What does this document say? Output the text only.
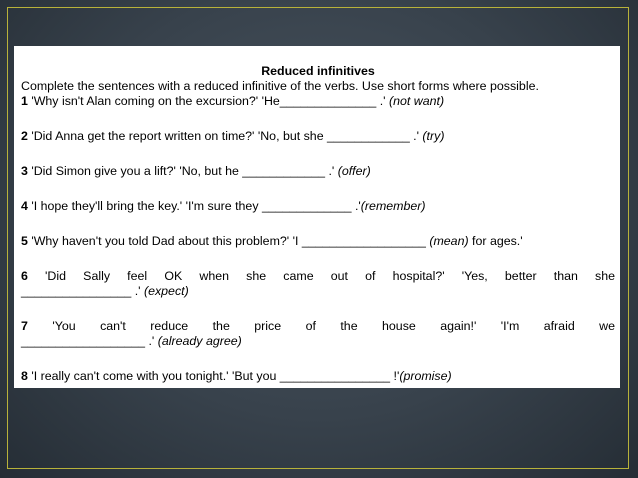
Reduced infinitives
Complete the sentences with a reduced infinitive of the verbs. Use short forms where possible.
1 'Why isn't Alan coming on the excursion?' 'He______________ .' (not want)
2 'Did Anna get the report written on time?' 'No, but she ____________ .' (try)
3 'Did Simon give you a lift?' 'No, but he ____________ .' (offer)
4 'I hope they'll bring the key.' 'I'm sure they _____________ .'(remember)
5 'Why haven't you told Dad about this problem?' 'I __________________ (mean) for ages.'
6 'Did Sally feel OK when she came out of hospital?' 'Yes, better than she
________________ .' (expect)
7 'You can't reduce the price of the house again!' 'I'm afraid we
__________________ .' (already agree)
8 'I really can't come with you tonight.' 'But you ________________ !'(promise)
